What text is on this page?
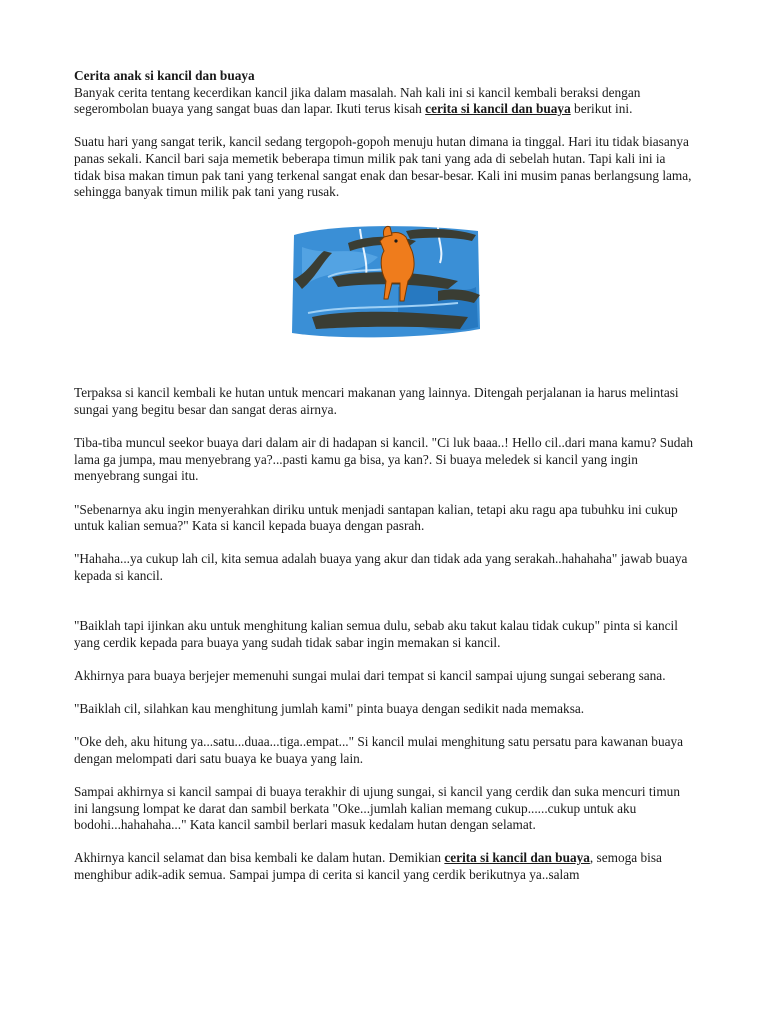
Cerita anak si kancil dan buaya
Banyak cerita tentang kecerdikan kancil jika dalam masalah. Nah kali ini si kancil kembali beraksi dengan segerombolan buaya yang sangat buas dan lapar. Ikuti terus kisah cerita si kancil dan buaya berikut ini.

Suatu hari yang sangat terik, kancil sedang tergopoh-gopoh menuju hutan dimana ia tinggal. Hari itu tidak biasanya panas sekali. Kancil bari saja memetik beberapa timun milik pak tani yang ada di sebelah hutan. Tapi kali ini ia tidak bisa makan timun pak tani yang terkenal sangat enak dan besar-besar. Kali ini musim panas berlangsung lama, sehingga banyak timun milik pak tani yang rusak.

Terpaksa si kancil kembali ke hutan untuk mencari makanan yang lainnya. Ditengah perjalanan ia harus melintasi sungai yang begitu besar dan sangat deras airnya.

Tiba-tiba muncul seekor buaya dari dalam air di hadapan si kancil. "Ci luk baaa..! Hello cil..dari mana kamu? Sudah lama ga jumpa, mau menyebrang ya?...pasti kamu ga bisa, ya kan?. Si buaya meledek si kancil yang ingin menyebrang sungai itu.

"Sebenarnya aku ingin menyerahkan diriku untuk menjadi santapan kalian, tetapi aku ragu apa tubuhku ini cukup untuk kalian semua?" Kata si kancil kepada buaya dengan pasrah.

"Hahaha...ya cukup lah cil, kita semua adalah buaya yang akur dan tidak ada yang serakah..hahahaha" jawab buaya kepada si kancil.

"Baiklah tapi ijinkan aku untuk menghitung kalian semua dulu, sebab aku takut kalau tidak cukup" pinta si kancil yang cerdik kepada para buaya yang sudah tidak sabar ingin memakan si kancil.

Akhirnya para buaya berjejer memenuhi sungai mulai dari tempat si kancil sampai ujung sungai seberang sana.

"Baiklah cil, silahkan kau menghitung jumlah kami" pinta buaya dengan sedikit nada memaksa.

"Oke deh, aku hitung ya...satu...duaa...tiga..empat..." Si kancil mulai menghitung satu persatu para kawanan buaya dengan melompati dari satu buaya ke buaya yang lain.

Sampai akhirnya si kancil sampai di buaya terakhir di ujung sungai, si kancil yang cerdik dan suka mencuri timun ini langsung lompat ke darat dan sambil berkata "Oke...jumlah kalian memang cukup......cukup untuk aku bodohi...hahahaha..." Kata kancil sambil berlari masuk kedalam hutan dengan selamat.

Akhirnya kancil selamat dan bisa kembali ke dalam hutan. Demikian cerita si kancil dan buaya, semoga bisa menghibur adik-adik semua. Sampai jumpa di cerita si kancil yang cerdik berikutnya ya..salam
